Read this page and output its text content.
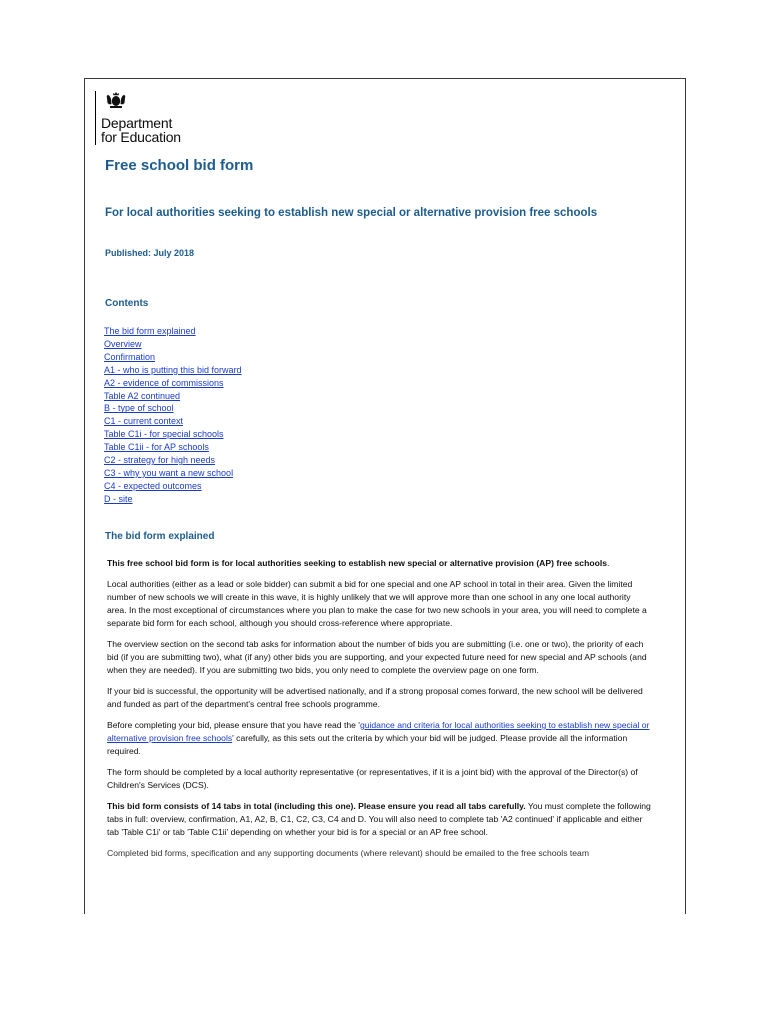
Department
for Education
Free school bid form
For local authorities seeking to establish new special or alternative provision free schools

Published: July 2018

Contents
The bid form explained
Overview
Confirmation
A1 - who is putting this bid forward
A2 - evidence of commissions
Table A2 continued
B - type of school
C1 - current context
Table C1i - for special schools
Table C1ii - for AP schools
C2 - strategy for high needs
C3 - why you want a new school
C4 - expected outcomes
D - site
The bid form explained

This free school bid form is for local authorities seeking to establish new special or alternative provision (AP) free schools.

Local authorities (either as a lead or sole bidder) can submit a bid for one special and one AP school in total in their area. Given the limited number of new schools we will create in this wave, it is highly unlikely that we will approve more than one school in any one local authority area. In the most exceptional of circumstances where you plan to make the case for two new schools in your area, you will need to complete a separate bid form for each school, although you should cross-reference where appropriate.

The overview section on the second tab asks for information about the number of bids you are submitting (i.e. one or two), the priority of each bid (if you are submitting two), what (if any) other bids you are supporting, and your expected future need for new special and AP schools (and when they are needed). If you are submitting two bids, you only need to complete the overview page on one form.

If your bid is successful, the opportunity will be advertised nationally, and if a strong proposal comes forward, the new school will be delivered and funded as part of the department's central free schools programme.

Before completing your bid, please ensure that you have read the 'guidance and criteria for local authorities seeking to establish new special or alternative provision free schools' carefully, as this sets out the criteria by which your bid will be judged. Please provide all the information required.

The form should be completed by a local authority representative (or representatives, if it is a joint bid) with the approval of the Director(s) of Children's Services (DCS).

This bid form consists of 14 tabs in total (including this one). Please ensure you read all tabs carefully. You must complete the following tabs in full: overview, confirmation, A1, A2, B, C1, C2, C3, C4 and D. You will also need to complete tab 'A2 continued' if applicable and either tab 'Table C1i' or tab 'Table C1ii' depending on whether your bid is for a special or an AP free school.

Completed bid forms, specification and any supporting documents (where relevant) should be emailed to the free schools team
